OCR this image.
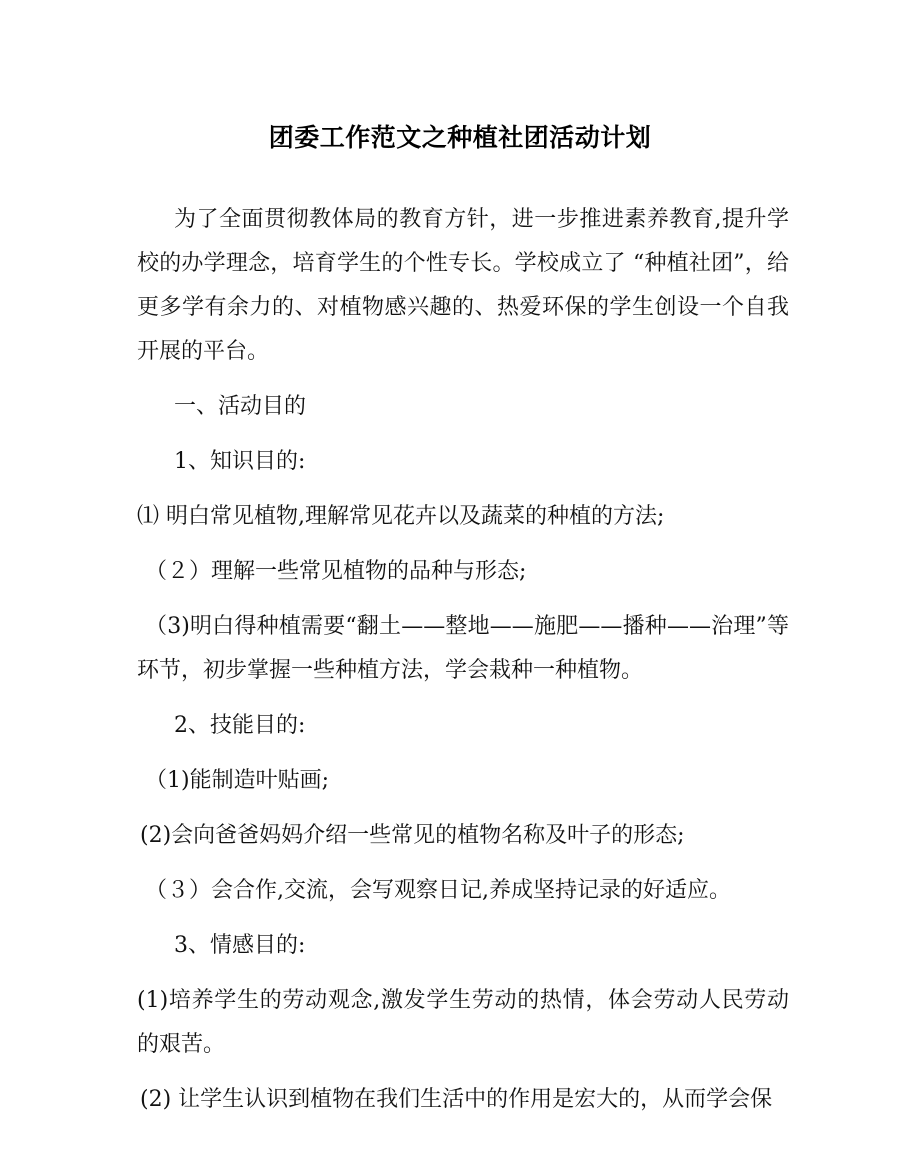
团委工作范文之种植社团活动计划

为了全面贯彻教体局的教育方针，进一步推进素养教育,提升学校的办学理念，培育学生的个性专长。学校成立了 “种植社团”，给更多学有余力的、对植物感兴趣的、热爱环保的学生创设一个自我开展的平台。

一、活动目的

1、知识目的:

⑴ 明白常见植物,理解常见花卉以及蔬菜的种植的方法;

（２）理解一些常见植物的品种与形态;

（3)明白得种植需要“翻土——整地——施肥——播种——治理”等环节，初步掌握一些种植方法，学会栽种一种植物。

2、技能目的:

（1)能制造叶贴画;

(2)会向爸爸妈妈介绍一些常见的植物名称及叶子的形态;

（３）会合作,交流，会写观察日记,养成坚持记录的好适应。

3、情感目的:

(1)培养学生的劳动观念,激发学生劳动的热情，体会劳动人民劳动的艰苦。

(2) 让学生认识到植物在我们生活中的作用是宏大的，从而学会保
